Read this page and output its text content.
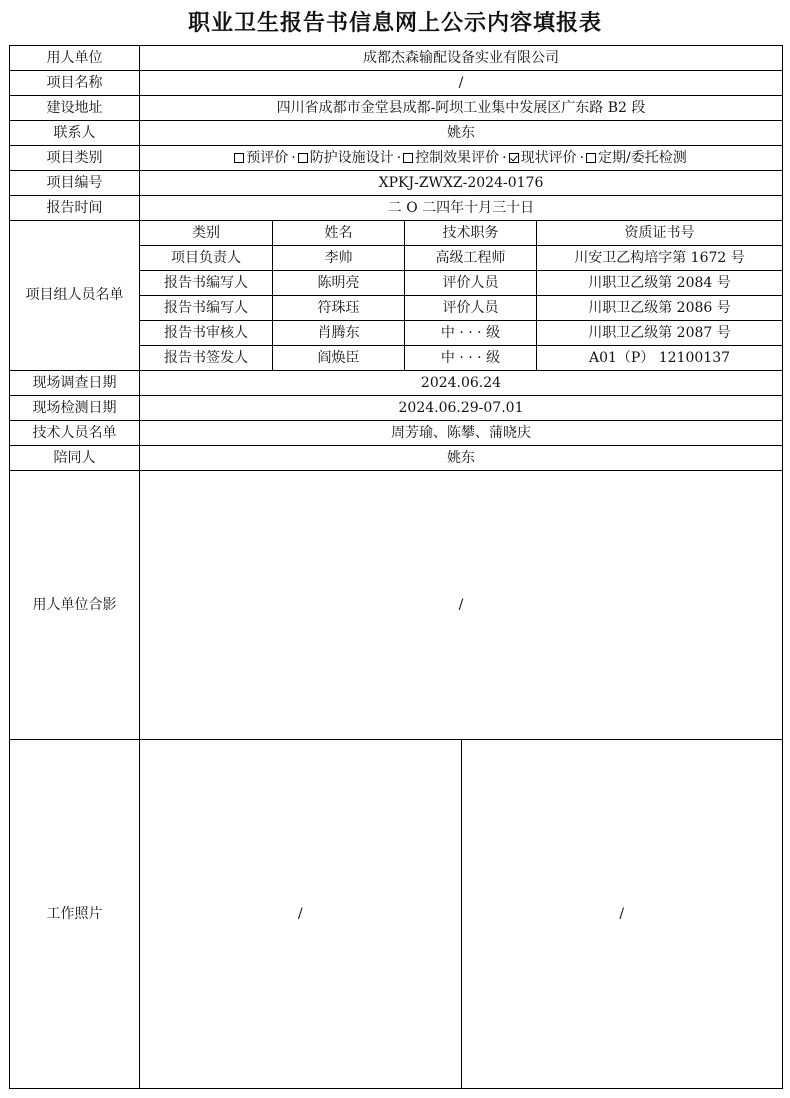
职业卫生报告书信息网上公示内容填报表
用人单位	成都杰森输配设备实业有限公司
项目名称	/
建设地址	四川省成都市金堂县成都-阿坝工业集中发展区广东路 B2 段
联系人	姚东
项目类别	预评价 · 防护设施设计 · 控制效果评价 · 现状评价 · 定期/委托检测
项目编号	XPKJ-ZWXZ-2024-0176
报告时间	二 O 二四年十月三十日
项目组人员名单	类别	姓名	技术职务	资质证书号
项目负责人	李帅	高级工程师	川安卫乙构培字第 1672 号
报告书编写人	陈明亮	评价人员	川职卫乙级第 2084 号
报告书编写人	符珠珏	评价人员	川职卫乙级第 2086 号
报告书审核人	肖腾东	中 · · · 级	川职卫乙级第 2087 号
报告书签发人	阎焕臣	中 · · · 级	A01（P） 12100137
现场调查日期	2024.06.24
现场检测日期	2024.06.29-07.01
技术人员名单	周芳瑜、陈攀、蒲晓庆
陪同人	姚东
用人单位合影	/
工作照片		/	/
